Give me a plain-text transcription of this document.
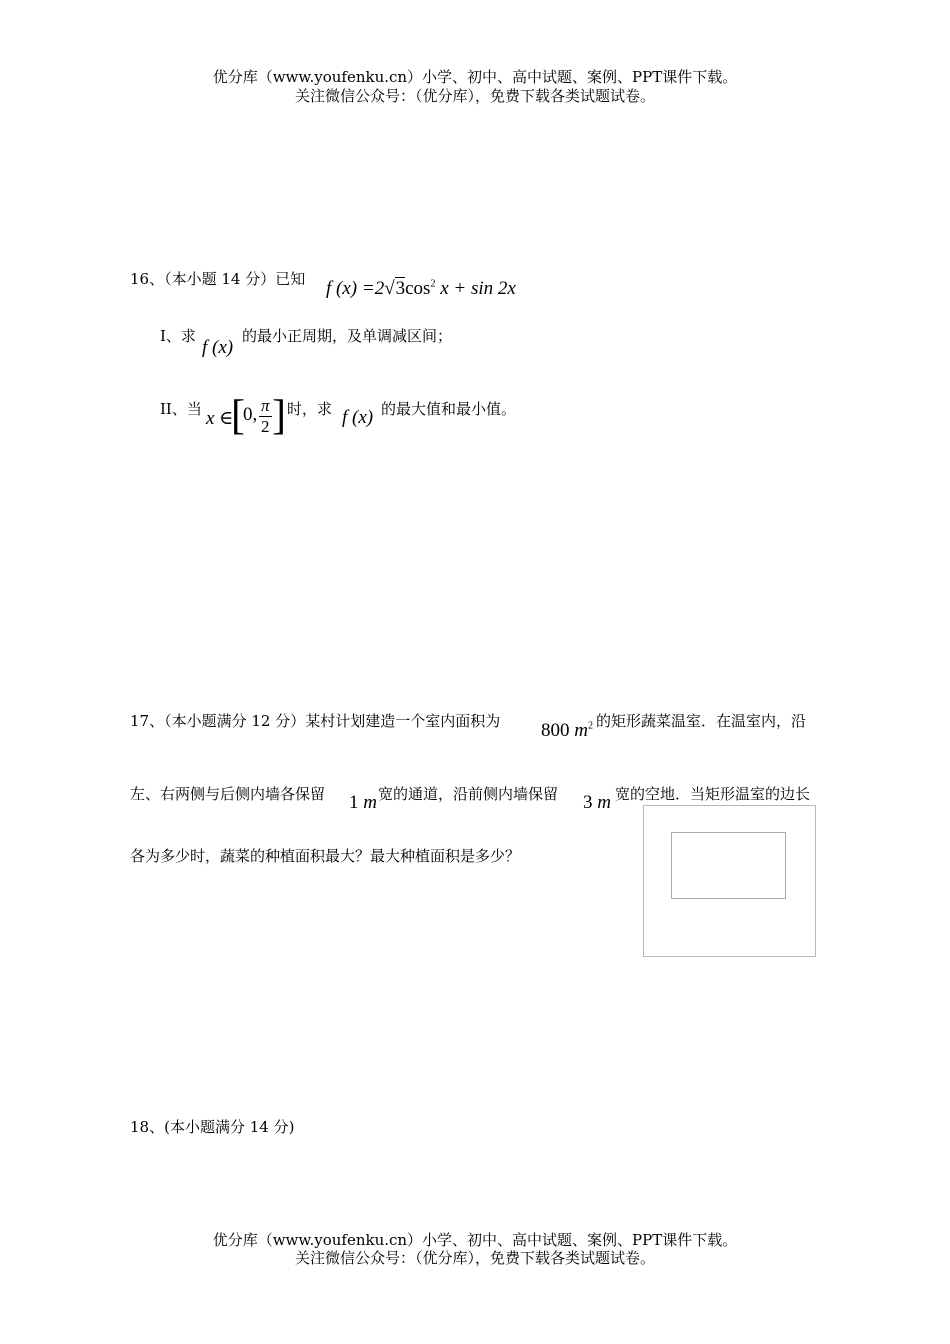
优分库（www.youfenku.cn）小学、初中、高中试题、案例、PPT课件下载。
关注微信公众号：（优分库），免费下载各类试题试卷。
16、（本小题 14 分）已知 f $(x) =2√3\cos^2$ x + sin 2x
I、求
f (x)
的最小正周期，及单调减区间；
II、当 x ∈
[
0, $\frac{\pi}{2}$ ] 时，求 f (x) 的最大值和最小值。
17、（本小题满分 12 分）某村计划建造一个室内面积为 800 $m^2$ 的矩形蔬菜温室．在温室内，沿
左、右两侧与后侧内墙各保留 1 m 宽的通道，沿前侧内墙保留 3 m 宽的空地．当矩形温室的边长
各为多少时，蔬菜的种植面积最大？最大种植面积是多少？
18、(本小题满分 14 分)
优分库（www.youfenku.cn）小学、初中、高中试题、案例、PPT课件下载。
关注微信公众号：（优分库），免费下载各类试题试卷。
